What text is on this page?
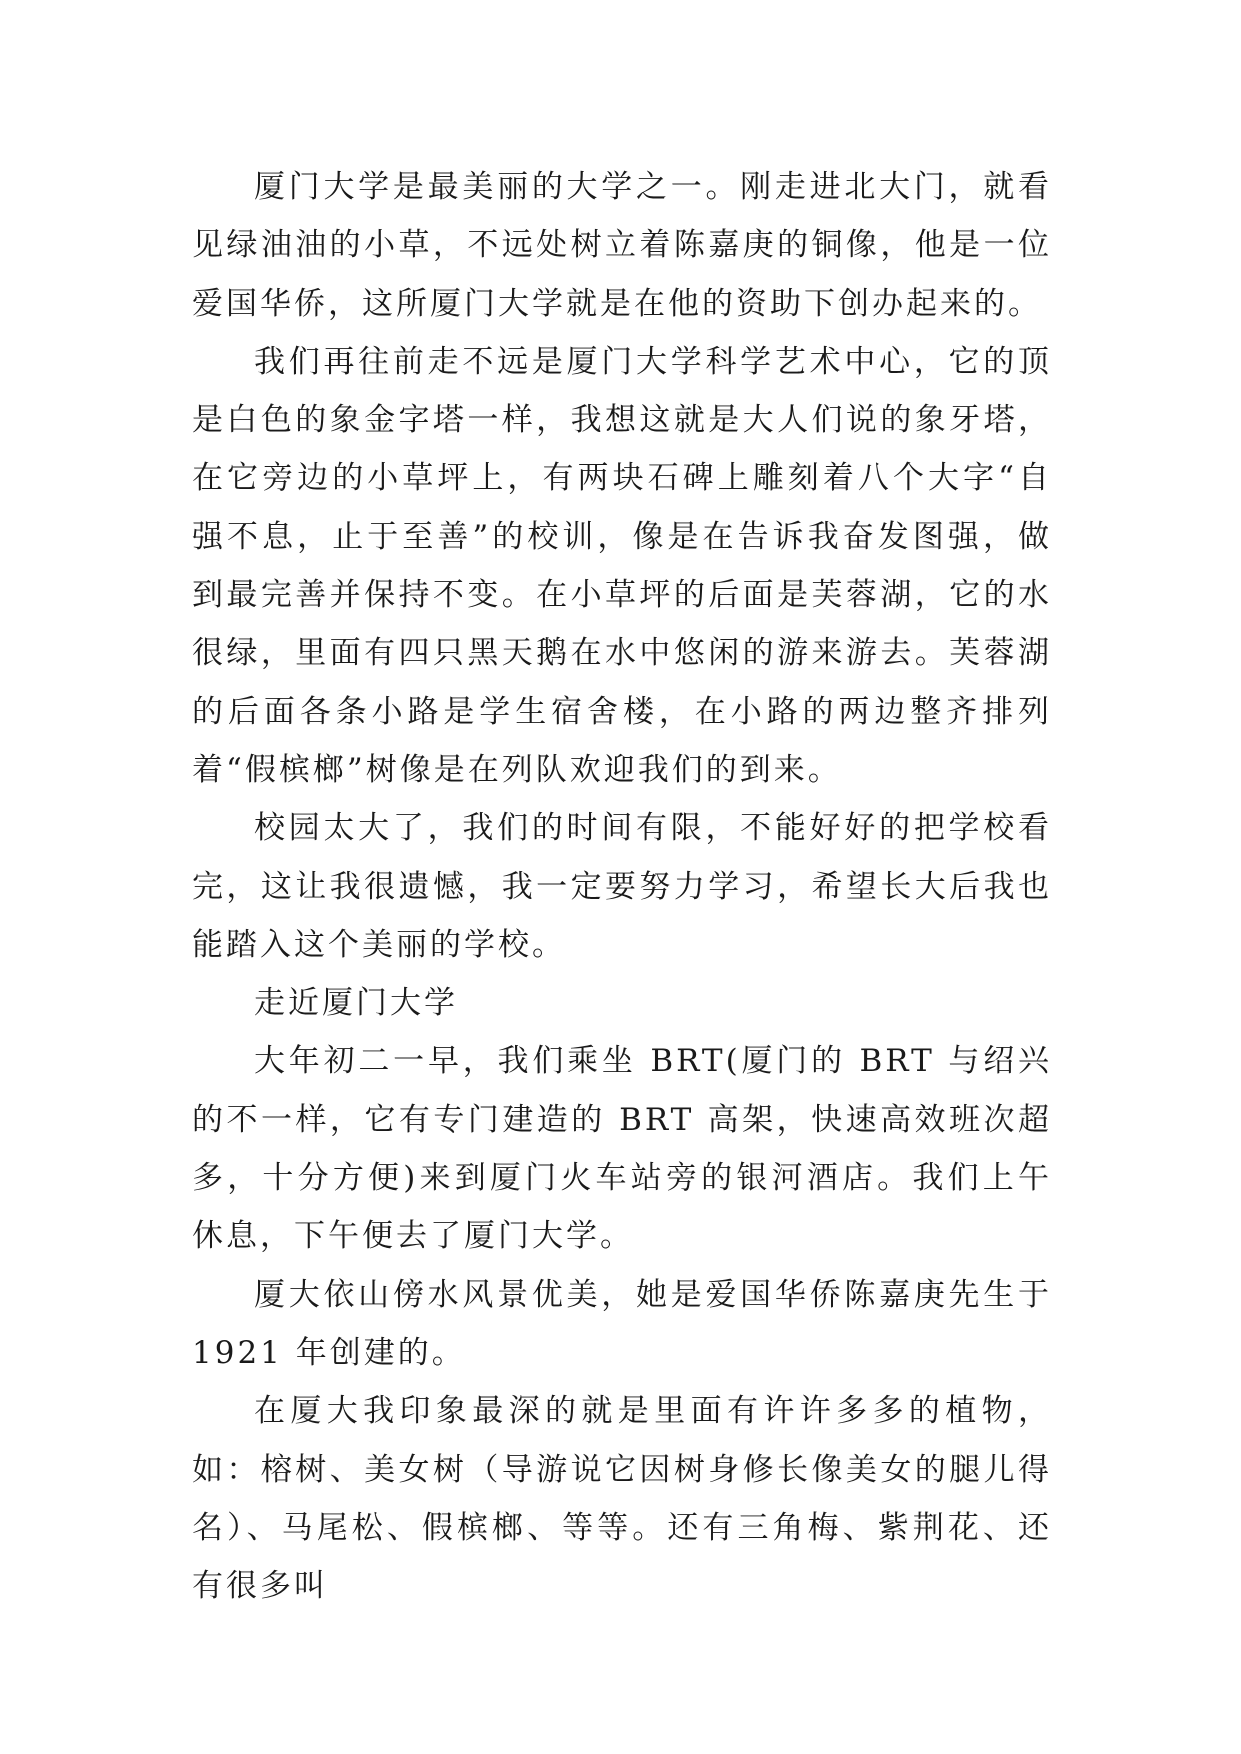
厦门大学是最美丽的大学之一。刚走进北大门，就看见绿油油的小草，不远处树立着陈嘉庚的铜像，他是一位爱国华侨，这所厦门大学就是在他的资助下创办起来的。

我们再往前走不远是厦门大学科学艺术中心，它的顶是白色的象金字塔一样，我想这就是大人们说的象牙塔，在它旁边的小草坪上，有两块石碑上雕刻着八个大字“自强不息，止于至善”的校训，像是在告诉我奋发图强，做到最完善并保持不变。在小草坪的后面是芙蓉湖，它的水很绿，里面有四只黑天鹅在水中悠闲的游来游去。芙蓉湖的后面各条小路是学生宿舍楼，在小路的两边整齐排列着“假槟榔”树像是在列队欢迎我们的到来。

校园太大了，我们的时间有限，不能好好的把学校看完，这让我很遗憾，我一定要努力学习，希望长大后我也能踏入这个美丽的学校。

走近厦门大学

大年初二一早，我们乘坐 BRT(厦门的 BRT 与绍兴的不一样，它有专门建造的 BRT 高架，快速高效班次超多，十分方便)来到厦门火车站旁的银河酒店。我们上午休息，下午便去了厦门大学。

厦大依山傍水风景优美，她是爱国华侨陈嘉庚先生于1921 年创建的。

在厦大我印象最深的就是里面有许许多多的植物，如：榕树、美女树（导游说它因树身修长像美女的腿儿得名）、马尾松、假槟榔、等等。还有三角梅、紫荆花、还有很多叫
